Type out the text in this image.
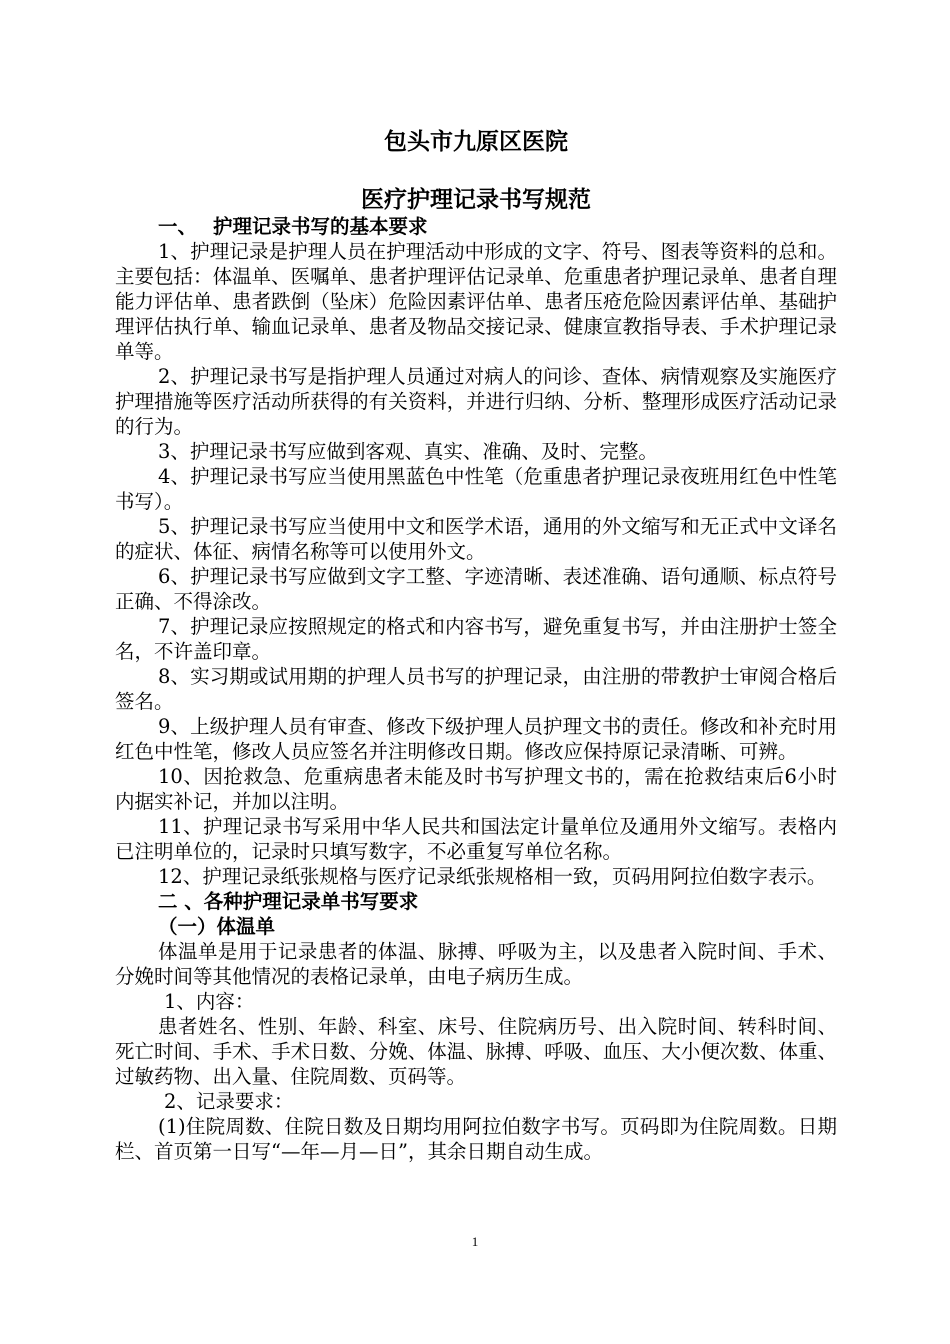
包头市九原区医院
医疗护理记录书写规范
一、 护理记录书写的基本要求

1、护理记录是护理人员在护理活动中形成的文字、符号、图表等资料的总和。主要包括：体温单、医嘱单、患者护理评估记录单、危重患者护理记录单、患者自理能力评估单、患者跌倒（坠床）危险因素评估单、患者压疮危险因素评估单、基础护理评估执行单、输血记录单、患者及物品交接记录、健康宣教指导表、手术护理记录单等。

2、护理记录书写是指护理人员通过对病人的问诊、查体、病情观察及实施医疗护理措施等医疗活动所获得的有关资料，并进行归纳、分析、整理形成医疗活动记录的行为。

3、护理记录书写应做到客观、真实、准确、及时、完整。

4、护理记录书写应当使用黑蓝色中性笔（危重患者护理记录夜班用红色中性笔书写）。

5、护理记录书写应当使用中文和医学术语，通用的外文缩写和无正式中文译名的症状、体征、病情名称等可以使用外文。

6、护理记录书写应做到文字工整、字迹清晰、表述准确、语句通顺、标点符号正确、不得涂改。

7、护理记录应按照规定的格式和内容书写，避免重复书写，并由注册护士签全名，不许盖印章。

8、实习期或试用期的护理人员书写的护理记录，由注册的带教护士审阅合格后签名。

9、上级护理人员有审查、修改下级护理人员护理文书的责任。修改和补充时用红色中性笔，修改人员应签名并注明修改日期。修改应保持原记录清晰、可辨。

10、因抢救急、危重病患者未能及时书写护理文书的，需在抢救结束后6小时内据实补记，并加以注明。

11、护理记录书写采用中华人民共和国法定计量单位及通用外文缩写。表格内已注明单位的，记录时只填写数字，不必重复写单位名称。

12、护理记录纸张规格与医疗记录纸张规格相一致，页码用阿拉伯数字表示。

二 、各种护理记录单书写要求
（一）体温单

体温单是用于记录患者的体温、脉搏、呼吸为主，以及患者入院时间、手术、分娩时间等其他情况的表格记录单，由电子病历生成。

1、内容：

患者姓名、性别、年龄、科室、床号、住院病历号、出入院时间、转科时间、死亡时间、手术、手术日数、分娩、体温、脉搏、呼吸、血压、大小便次数、体重、过敏药物、出入量、住院周数、页码等。

2、记录要求：

(1)住院周数、住院日数及日期均用阿拉伯数字书写。页码即为住院周数。日期栏、首页第一日写“—年—月—日”，其余日期自动生成。

1
